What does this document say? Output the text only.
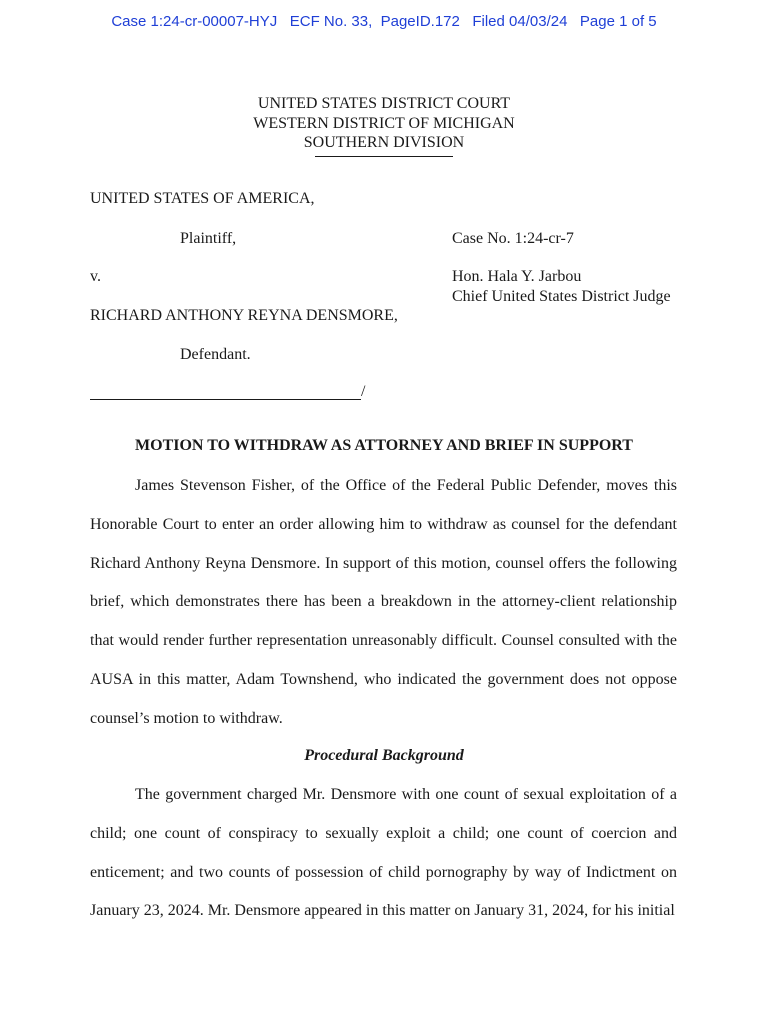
Case 1:24-cr-00007-HYJ   ECF No. 33,  PageID.172   Filed 04/03/24   Page 1 of 5
UNITED STATES DISTRICT COURT
WESTERN DISTRICT OF MICHIGAN
SOUTHERN DIVISION
UNITED STATES OF AMERICA,
Plaintiff,	Case No. 1:24-cr-7
v.	Hon. Hala Y. Jarbou
Chief United States District Judge
RICHARD ANTHONY REYNA DENSMORE,
Defendant.
/
MOTION TO WITHDRAW AS ATTORNEY AND BRIEF IN SUPPORT

James Stevenson Fisher, of the Office of the Federal Public Defender, moves this Honorable Court to enter an order allowing him to withdraw as counsel for the defendant Richard Anthony Reyna Densmore. In support of this motion, counsel offers the following brief, which demonstrates there has been a breakdown in the attorney-client relationship that would render further representation unreasonably difficult. Counsel consulted with the AUSA in this matter, Adam Townshend, who indicated the government does not oppose counsel’s motion to withdraw.

Procedural Background

The government charged Mr. Densmore with one count of sexual exploitation of a child; one count of conspiracy to sexually exploit a child; one count of coercion and enticement; and two counts of possession of child pornography by way of Indictment on January 23, 2024. Mr. Densmore appeared in this matter on January 31, 2024, for his initial
